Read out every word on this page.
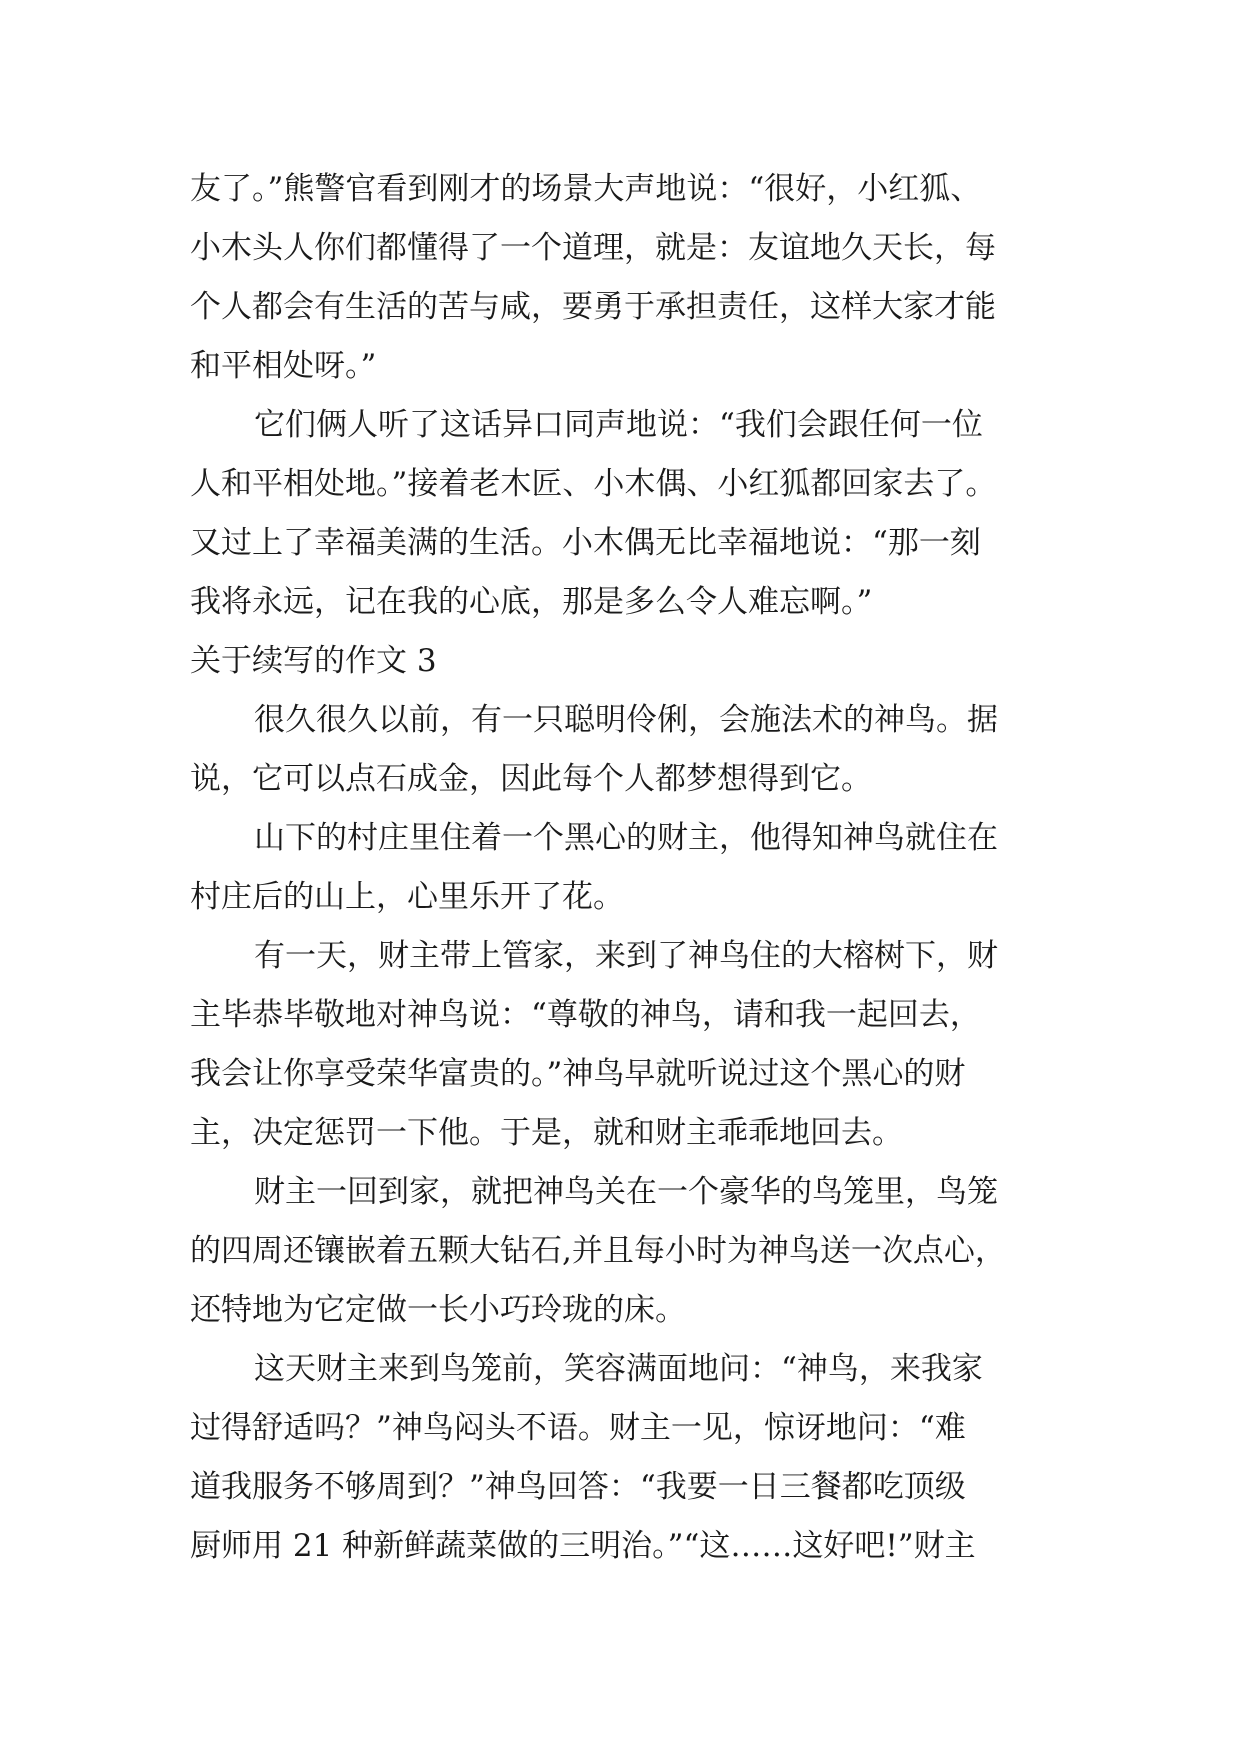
友了。”熊警官看到刚才的场景大声地说：“很好，小红狐、
小木头人你们都懂得了一个道理，就是：友谊地久天长，每
个人都会有生活的苦与咸，要勇于承担责任，这样大家才能
和平相处呀。”
它们俩人听了这话异口同声地说：“我们会跟任何一位
人和平相处地。”接着老木匠、小木偶、小红狐都回家去了。
又过上了幸福美满的生活。小木偶无比幸福地说：“那一刻
我将永远，记在我的心底，那是多么令人难忘啊。”
关于续写的作文 3
很久很久以前，有一只聪明伶俐，会施法术的神鸟。据
说，它可以点石成金，因此每个人都梦想得到它。
山下的村庄里住着一个黑心的财主，他得知神鸟就住在
村庄后的山上，心里乐开了花。
有一天，财主带上管家，来到了神鸟住的大榕树下，财
主毕恭毕敬地对神鸟说：“尊敬的神鸟，请和我一起回去，
我会让你享受荣华富贵的。”神鸟早就听说过这个黑心的财
主，决定惩罚一下他。于是，就和财主乖乖地回去。
财主一回到家，就把神鸟关在一个豪华的鸟笼里，鸟笼
的四周还镶嵌着五颗大钻石,并且每小时为神鸟送一次点心，
还特地为它定做一长小巧玲珑的床。
这天财主来到鸟笼前，笑容满面地问：“神鸟，来我家
过得舒适吗？”神鸟闷头不语。财主一见，惊讶地问：“难
道我服务不够周到？”神鸟回答：“我要一日三餐都吃顶级
厨师用 21 种新鲜蔬菜做的三明治。”“这……这好吧!”财主
